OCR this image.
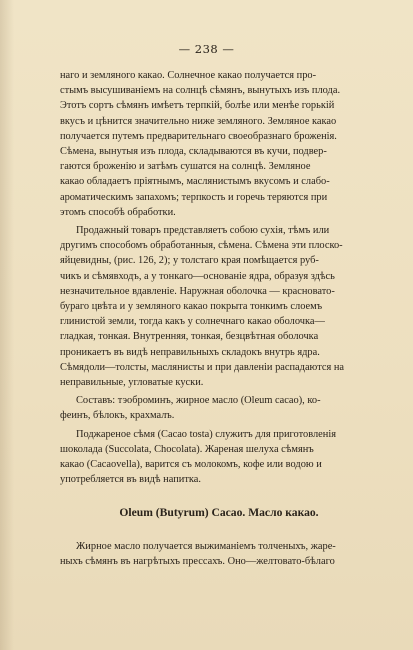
— 238 —
наго и земляного какао. Солнечное какао получается про-
стымъ высушиваніемъ на солнцѣ сѣмянъ, вынутыхъ изъ плода.
Этотъ сортъ сѣмянъ имѣетъ терпкій, болѣе или менѣе горькій
вкусъ и цѣнится значительно ниже земляного. Земляное какао
получается путемъ предварительнаго своеобразнаго броженія.
Сѣмена, вынутыя изъ плода, складываются въ кучи, подвер-
гаются броженію и затѣмъ сушатся на солнцѣ. Земляное
какао обладаетъ пріятнымъ, маслянистымъ вкусомъ и слабо-
ароматическимъ запахомъ; терпкость и горечь теряются при
этомъ способѣ обработки.
Продажный товаръ представляетъ собою сухія, тѣмъ или
другимъ способомъ обработанныя, сѣмена. Сѣмена эти плоско-
яйцевидны, (рис. 126, 2); у толстаго края помѣщается руб-
чикъ и сѣмявходъ, а у тонкаго—основаніе ядра, образуя здѣсь
незначительное вдавленіе. Наружная оболочка — красновато-
бураго цвѣта и у земляного какао покрыта тонкимъ слоемъ
глинистой земли, тогда какъ у солнечнаго какао оболочка—
гладкая, тонкая. Внутренняя, тонкая, безцвѣтная оболочка
проникаетъ въ видѣ неправильныхъ складокъ внутрь ядра.
Сѣмядоли—толсты, маслянисты и при давленіи распадаются на
неправильные, угловатые куски.
Составъ: тэоброминъ, жирное масло (Oleum cacao), ко-
феинъ, бѣлокъ, крахмалъ.
Поджареное сѣмя (Cacao tosta) служитъ для приготовленія
шоколада (Succolata, Chocolata). Жареная шелуха сѣмянъ
какао (Cacaovella), варится съ молокомъ, кофе или водою и
употребляется въ видѣ напитка.
Oleum (Butyrum) Cacao. Масло какао.
Жирное масло получается выжиманіемъ толченыхъ, жаре-
ныхъ сѣмянъ въ нагрѣтыхъ прессахъ. Оно—желтовато-бѣлаго
